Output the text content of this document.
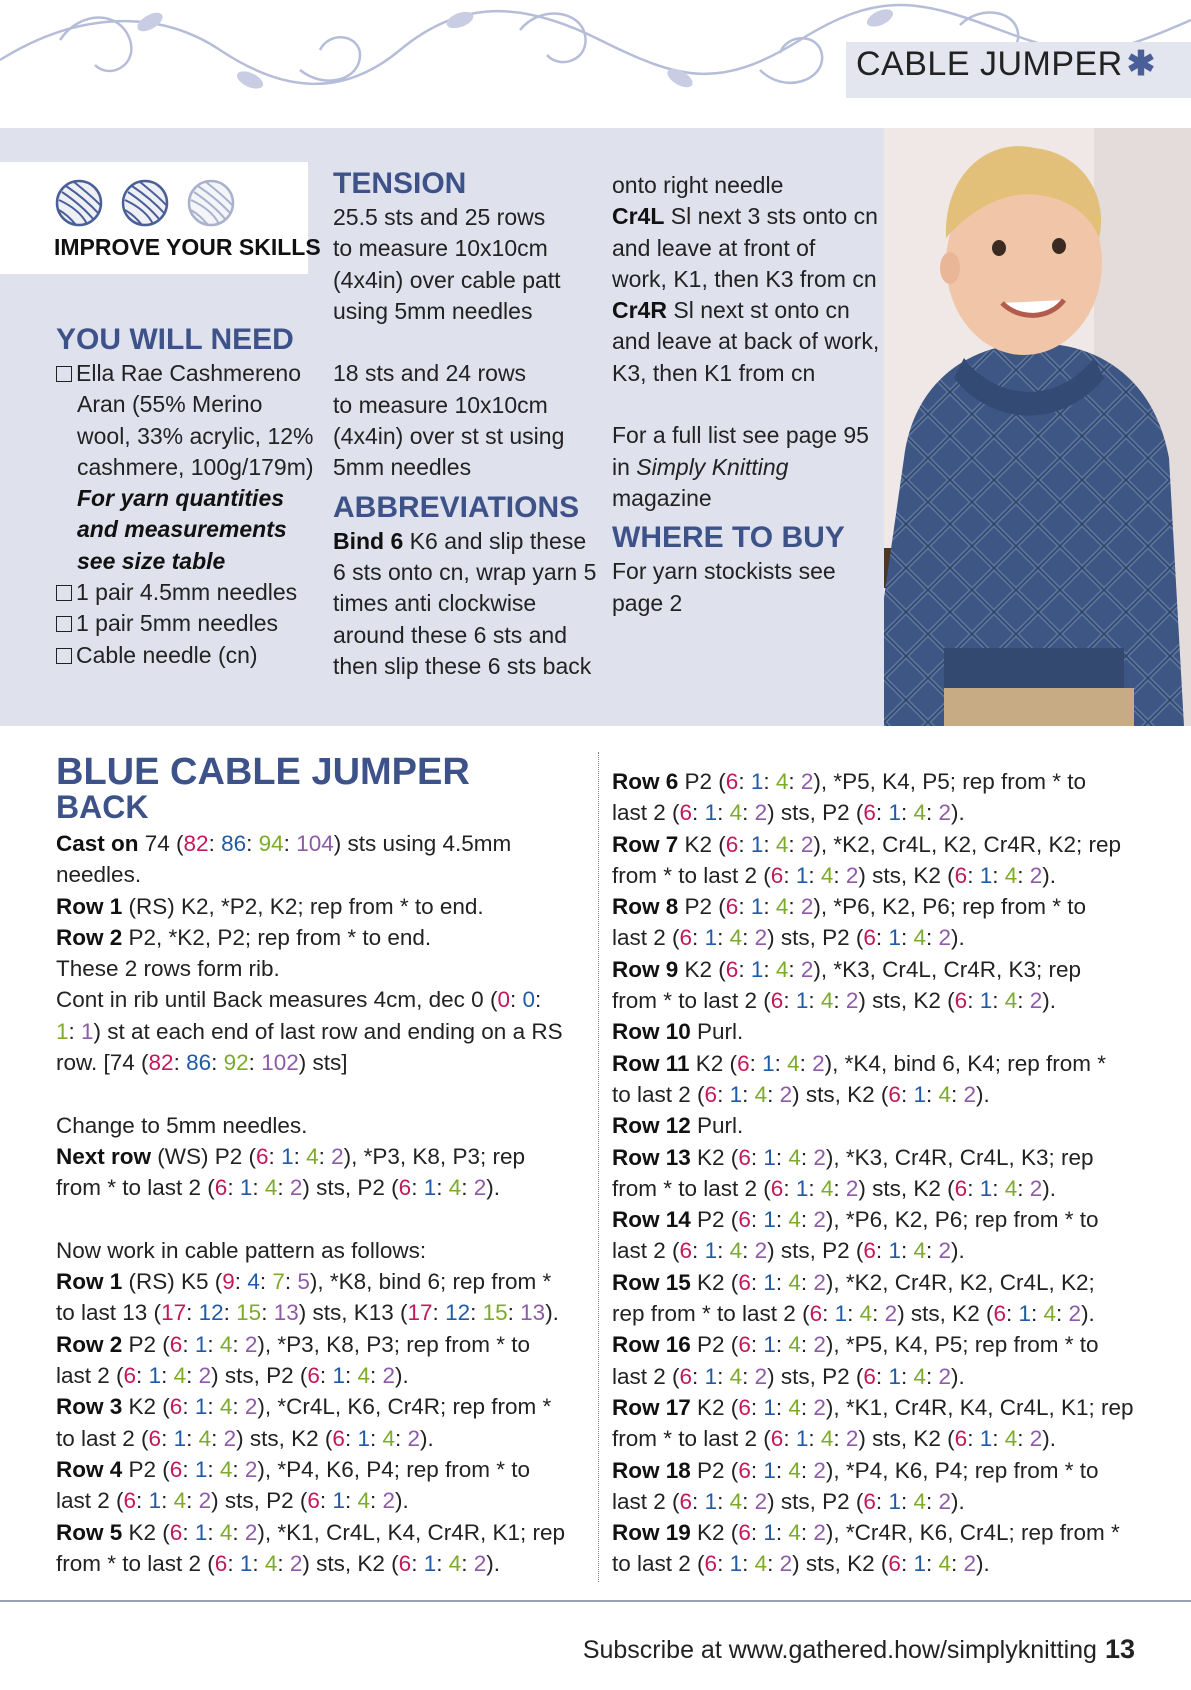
CABLE JUMPER ✱
IMPROVE YOUR SKILLS
YOU WILL NEED
Ella Rae Cashmereno
Aran (55% Merino
wool, 33% acrylic, 12%
cashmere, 100g/179m)
For yarn quantities
and measurements
see size table
1 pair 4.5mm needles
1 pair 5mm needles
Cable needle (cn)
TENSION
25.5 sts and 25 rows
to measure 10x10cm
(4x4in) over cable patt
using 5mm needles

18 sts and 24 rows
to measure 10x10cm
(4x4in) over st st using
5mm needles
ABBREVIATIONS
Bind 6 K6 and slip these
6 sts onto cn, wrap yarn 5
times anti clockwise
around these 6 sts and
then slip these 6 sts back
onto right needle
Cr4L Sl next 3 sts onto cn
and leave at front of
work, K1, then K3 from cn
Cr4R Sl next st onto cn
and leave at back of work,
K3, then K1 from cn

For a full list see page 95
in Simply Knitting
magazine
WHERE TO BUY
For yarn stockists see
page 2
BLUE CABLE JUMPER
BACK
Cast on 74 (82: 86: 94: 104) sts using 4.5mm
needles.
Row 1 (RS) K2, *P2, K2; rep from * to end.
Row 2 P2, *K2, P2; rep from * to end.
These 2 rows form rib.
Cont in rib until Back measures 4cm, dec 0 (0: 0:
1: 1) st at each end of last row and ending on a RS
row. [74 (82: 86: 92: 102) sts]

Change to 5mm needles.
Next row (WS) P2 (6: 1: 4: 2), *P3, K8, P3; rep
from * to last 2 (6: 1: 4: 2) sts, P2 (6: 1: 4: 2).

Now work in cable pattern as follows:
Row 1 (RS) K5 (9: 4: 7: 5), *K8, bind 6; rep from *
to last 13 (17: 12: 15: 13) sts, K13 (17: 12: 15: 13).
Row 2 P2 (6: 1: 4: 2), *P3, K8, P3; rep from * to
last 2 (6: 1: 4: 2) sts, P2 (6: 1: 4: 2).
Row 3 K2 (6: 1: 4: 2), *Cr4L, K6, Cr4R; rep from *
to last 2 (6: 1: 4: 2) sts, K2 (6: 1: 4: 2).
Row 4 P2 (6: 1: 4: 2), *P4, K6, P4; rep from * to
last 2 (6: 1: 4: 2) sts, P2 (6: 1: 4: 2).
Row 5 K2 (6: 1: 4: 2), *K1, Cr4L, K4, Cr4R, K1; rep
from * to last 2 (6: 1: 4: 2) sts, K2 (6: 1: 4: 2).
Row 6 P2 (6: 1: 4: 2), *P5, K4, P5; rep from * to
last 2 (6: 1: 4: 2) sts, P2 (6: 1: 4: 2).
Row 7 K2 (6: 1: 4: 2), *K2, Cr4L, K2, Cr4R, K2; rep
from * to last 2 (6: 1: 4: 2) sts, K2 (6: 1: 4: 2).
Row 8 P2 (6: 1: 4: 2), *P6, K2, P6; rep from * to
last 2 (6: 1: 4: 2) sts, P2 (6: 1: 4: 2).
Row 9 K2 (6: 1: 4: 2), *K3, Cr4L, Cr4R, K3; rep
from * to last 2 (6: 1: 4: 2) sts, K2 (6: 1: 4: 2).
Row 10 Purl.
Row 11 K2 (6: 1: 4: 2), *K4, bind 6, K4; rep from *
to last 2 (6: 1: 4: 2) sts, K2 (6: 1: 4: 2).
Row 12 Purl.
Row 13 K2 (6: 1: 4: 2), *K3, Cr4R, Cr4L, K3; rep
from * to last 2 (6: 1: 4: 2) sts, K2 (6: 1: 4: 2).
Row 14 P2 (6: 1: 4: 2), *P6, K2, P6; rep from * to
last 2 (6: 1: 4: 2) sts, P2 (6: 1: 4: 2).
Row 15 K2 (6: 1: 4: 2), *K2, Cr4R, K2, Cr4L, K2;
rep from * to last 2 (6: 1: 4: 2) sts, K2 (6: 1: 4: 2).
Row 16 P2 (6: 1: 4: 2), *P5, K4, P5; rep from * to
last 2 (6: 1: 4: 2) sts, P2 (6: 1: 4: 2).
Row 17 K2 (6: 1: 4: 2), *K1, Cr4R, K4, Cr4L, K1; rep
from * to last 2 (6: 1: 4: 2) sts, K2 (6: 1: 4: 2).
Row 18 P2 (6: 1: 4: 2), *P4, K6, P4; rep from * to
last 2 (6: 1: 4: 2) sts, P2 (6: 1: 4: 2).
Row 19 K2 (6: 1: 4: 2), *Cr4R, K6, Cr4L; rep from *
to last 2 (6: 1: 4: 2) sts, K2 (6: 1: 4: 2).
Subscribe at www.gathered.how/simplyknitting 13
